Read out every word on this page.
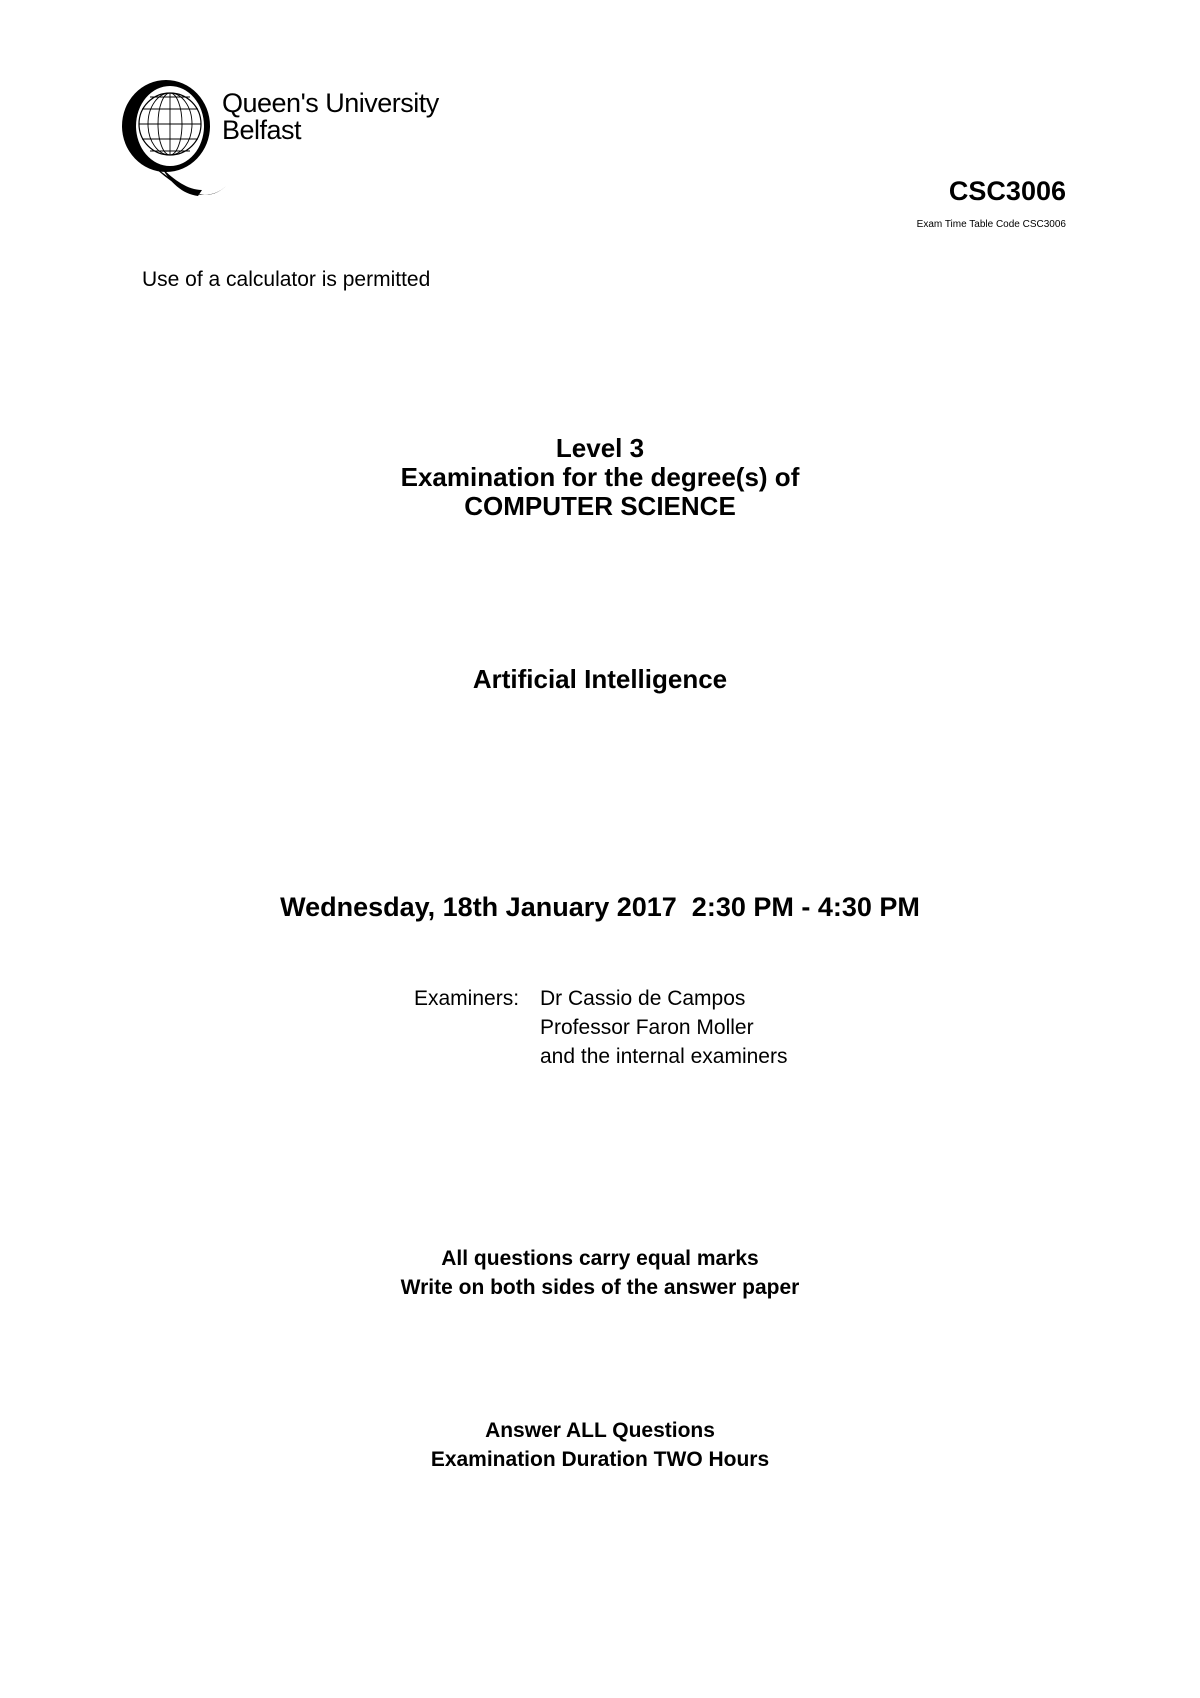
Queen's University
Belfast
CSC3006
Exam Time Table Code CSC3006
Use of a calculator is permitted
Level 3
Examination for the degree(s) of
COMPUTER SCIENCE
Artificial Intelligence
Wednesday, 18th January 2017  2:30 PM - 4:30 PM
Examiners: Dr Cassio de Campos
Professor Faron Moller
and the internal examiners
All questions carry equal marks
Write on both sides of the answer paper
Answer ALL Questions
Examination Duration TWO Hours
